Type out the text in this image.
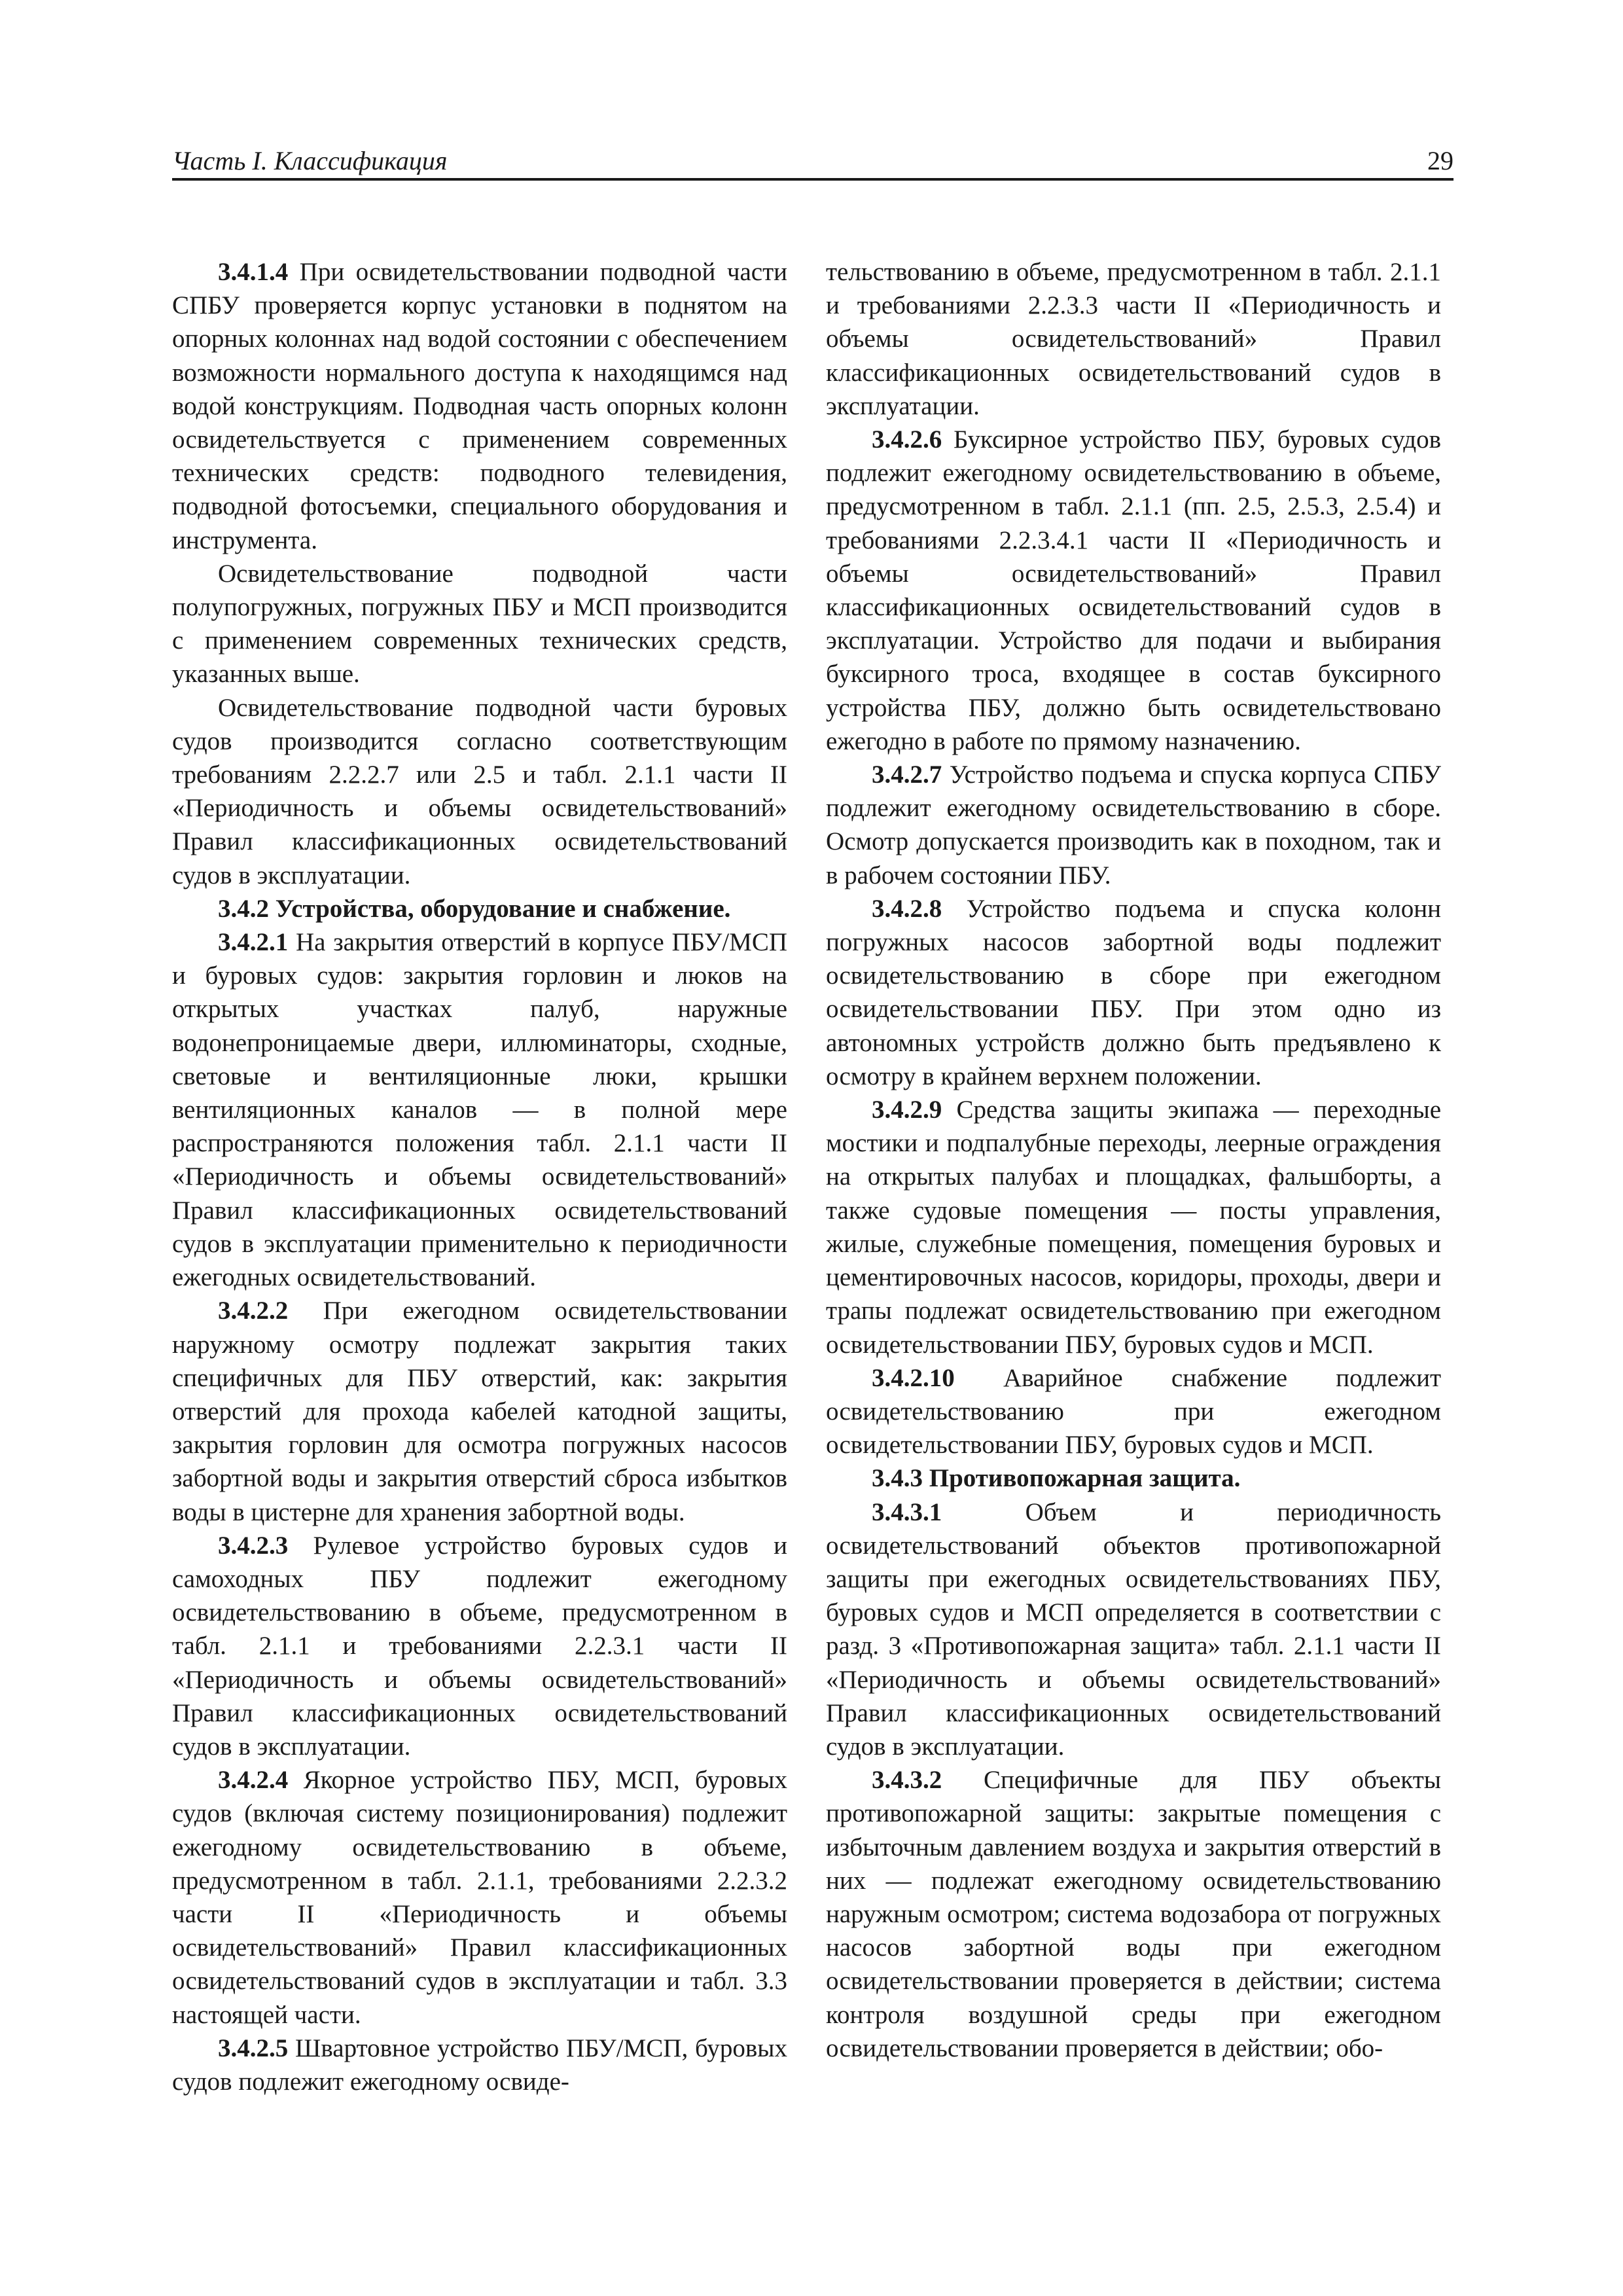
Часть I. Классификация	29

3.4.1.4 При освидетельствовании подводной части СПБУ проверяется корпус установки в поднятом на опорных колоннах над водой состоянии с обеспечением возможности нормального доступа к находящимся над водой конструкциям. Подводная часть опорных колонн освидетельствуется с применением современных технических средств: подводного телевидения, подводной фотосъемки, специального оборудования и инструмента.

Освидетельствование подводной части полупогружных, погружных ПБУ и МСП производится с применением современных технических средств, указанных выше.

Освидетельствование подводной части буровых судов производится согласно соответствующим требованиям 2.2.2.7 или 2.5 и табл. 2.1.1 части II «Периодичность и объемы освидетельствований» Правил классификационных освидетельствований судов в эксплуатации.

3.4.2 Устройства, оборудование и снабжение.

3.4.2.1 На закрытия отверстий в корпусе ПБУ/МСП и буровых судов: закрытия горловин и люков на открытых участках палуб, наружные водонепроницаемые двери, иллюминаторы, сходные, световые и вентиляционные люки, крышки вентиляционных каналов — в полной мере распространяются положения табл. 2.1.1 части II «Периодичность и объемы освидетельствований» Правил классификационных освидетельствований судов в эксплуатации применительно к периодичности ежегодных освидетельствований.

3.4.2.2 При ежегодном освидетельствовании наружному осмотру подлежат закрытия таких специфичных для ПБУ отверстий, как: закрытия отверстий для прохода кабелей катодной защиты, закрытия горловин для осмотра погружных насосов забортной воды и закрытия отверстий сброса избытков воды в цистерне для хранения забортной воды.

3.4.2.3 Рулевое устройство буровых судов и самоходных ПБУ подлежит ежегодному освидетельствованию в объеме, предусмотренном в табл. 2.1.1 и требованиями 2.2.3.1 части II «Периодичность и объемы освидетельствований» Правил классификационных освидетельствований судов в эксплуатации.

3.4.2.4 Якорное устройство ПБУ, МСП, буровых судов (включая систему позиционирования) подлежит ежегодному освидетельствованию в объеме, предусмотренном в табл. 2.1.1, требованиями 2.2.3.2 части II «Периодичность и объемы освидетельствований» Правил классификационных освидетельствований судов в эксплуатации и табл. 3.3 настоящей части.

3.4.2.5 Швартовное устройство ПБУ/МСП, буровых судов подлежит ежегодному освиде-

тельствованию в объеме, предусмотренном в табл. 2.1.1 и требованиями 2.2.3.3 части II «Периодичность и объемы освидетельствований» Правил классификационных освидетельствований судов в эксплуатации.

3.4.2.6 Буксирное устройство ПБУ, буровых судов подлежит ежегодному освидетельствованию в объеме, предусмотренном в табл. 2.1.1 (пп. 2.5, 2.5.3, 2.5.4) и требованиями 2.2.3.4.1 части II «Периодичность и объемы освидетельствований» Правил классификационных освидетельствований судов в эксплуатации. Устройство для подачи и выбирания буксирного троса, входящее в состав буксирного устройства ПБУ, должно быть освидетельствовано ежегодно в работе по прямому назначению.

3.4.2.7 Устройство подъема и спуска корпуса СПБУ подлежит ежегодному освидетельствованию в сборе. Осмотр допускается производить как в походном, так и в рабочем состоянии ПБУ.

3.4.2.8 Устройство подъема и спуска колонн погружных насосов забортной воды подлежит освидетельствованию в сборе при ежегодном освидетельствовании ПБУ. При этом одно из автономных устройств должно быть предъявлено к осмотру в крайнем верхнем положении.

3.4.2.9 Средства защиты экипажа — переходные мостики и подпалубные переходы, леерные ограждения на открытых палубах и площадках, фальшборты, а также судовые помещения — посты управления, жилые, служебные помещения, помещения буровых и цементировочных насосов, коридоры, проходы, двери и трапы подлежат освидетельствованию при ежегодном освидетельствовании ПБУ, буровых судов и МСП.

3.4.2.10 Аварийное снабжение подлежит освидетельствованию при ежегодном освидетельствовании ПБУ, буровых судов и МСП.

3.4.3 Противопожарная защита.

3.4.3.1 Объем и периодичность освидетельствований объектов противопожарной защиты при ежегодных освидетельствованиях ПБУ, буровых судов и МСП определяется в соответствии с разд. 3 «Противопожарная защита» табл. 2.1.1 части II «Периодичность и объемы освидетельствований» Правил классификационных освидетельствований судов в эксплуатации.

3.4.3.2 Специфичные для ПБУ объекты противопожарной защиты: закрытые помещения с избыточным давлением воздуха и закрытия отверстий в них — подлежат ежегодному освидетельствованию наружным осмотром; система водозабора от погружных насосов забортной воды при ежегодном освидетельствовании проверяется в действии; система контроля воздушной среды при ежегодном освидетельствовании проверяется в действии; обо-
